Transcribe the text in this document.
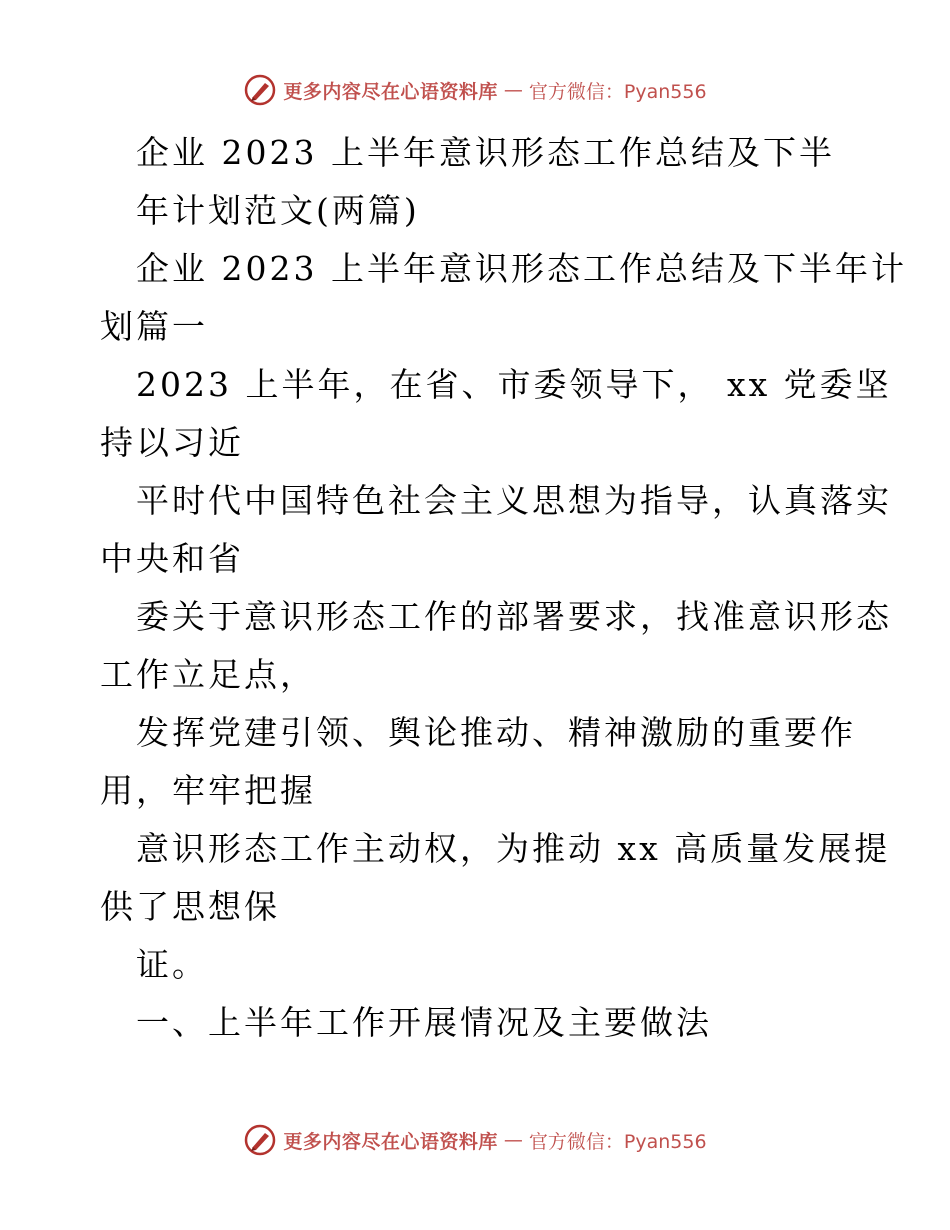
更多内容尽在心语资料库 — 官方微信：Pyan556
企业 2023 上半年意识形态工作总结及下半
年计划范文(两篇)
企业 2023 上半年意识形态工作总结及下半年计
划篇一
2023 上半年，在省、市委领导下， xx 党委坚
持以习近
平时代中国特色社会主义思想为指导，认真落实
中央和省
委关于意识形态工作的部署要求，找准意识形态
工作立足点，
发挥党建引领、舆论推动、精神激励的重要作
用，牢牢把握
意识形态工作主动权，为推动 xx 高质量发展提
供了思想保
证。
一、上半年工作开展情况及主要做法
更多内容尽在心语资料库 — 官方微信：Pyan556
